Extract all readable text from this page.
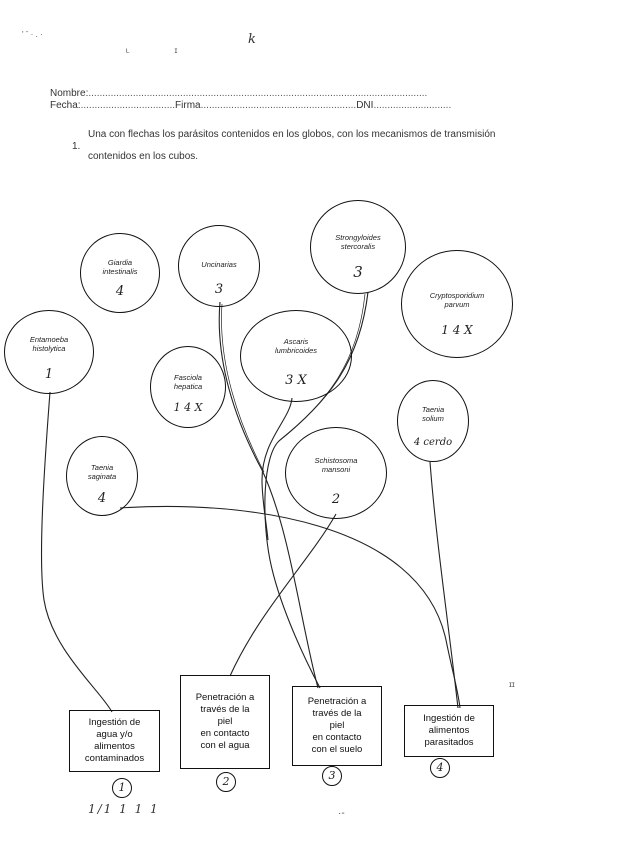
' ˉ · . ·	k
ɩ.                    ɪ
Nombre:..........................................................................................................................
Fecha:..................................Firma........................................................DNI............................
1.
Una con flechas los parásitos contenidos en los globos, con los mecanismos de transmisión
contenidos en los cubos.
Giardia
intestinalis
4
Uncinarias
3
Strongyloides
stercoralis
3
Cryptosporidium
parvum
1 4 X
Entamoeba
histolytica
1	Fasciola
hepatica
1 4 X
Ascaris
lumbricoides
3 X
Taenia
solium
4 cerdo
Taenia
saginata
4
Schistosoma
mansoni
2
Ingestión de
agua y/o
alimentos
contaminados
Penetración a
través de la
piel
en contacto
con el agua
Penetración a
través de la
piel
en contacto
con el suelo
Ingestión de
alimentos
parasitados
1	2	3
4
1/1 1 1 1	·-
ɪɪ
